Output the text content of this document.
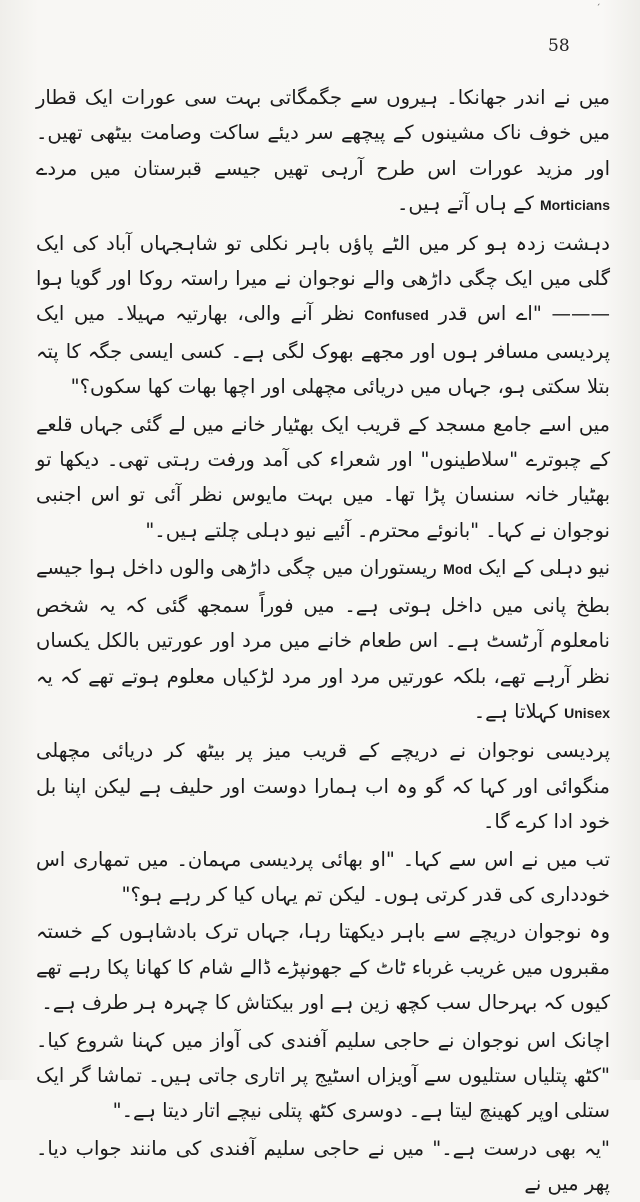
ˊ
58

میں نے اندر جھانکا۔ ہیروں سے جگمگاتی بہت سی عورات ایک قطار میں خوف ناک مشینوں کے پیچھے سر دیئے ساکت وصامت بیٹھی تھیں۔ اور مزید عورات اس طرح آرہی تھیں جیسے قبرستان میں مردے Morticians کے ہاں آتے ہیں۔

دہشت زدہ ہو کر میں الٹے پاؤں باہر نکلی تو شاہجہاں آباد کی ایک گلی میں ایک چگی داڑھی والے نوجوان نے میرا راستہ روکا اور گویا ہوا ——— "اے اس قدر Confused نظر آنے والی، بھارتیہ مہیلا۔ میں ایک پردیسی مسافر ہوں اور مجھے بھوک لگی ہے۔ کسی ایسی جگہ کا پتہ بتلا سکتی ہو، جہاں میں دریائی مچھلی اور اچھا بھات کھا سکوں؟"

میں اسے جامع مسجد کے قریب ایک بھٹیار خانے میں لے گئی جہاں قلعے کے چبوترے "سلاطینوں" اور شعراء کی آمد ورفت رہتی تھی۔ دیکھا تو بھٹیار خانہ سنسان پڑا تھا۔ میں بہت مایوس نظر آئی تو اس اجنبی نوجوان نے کہا۔ "بانوئے محترم۔ آئیے نیو دہلی چلتے ہیں۔"

نیو دہلی کے ایک Mod ریستوران میں چگی داڑھی والوں داخل ہوا جیسے بطخ پانی میں داخل ہوتی ہے۔ میں فوراً سمجھ گئی کہ یہ شخص نامعلوم آرٹسٹ ہے۔ اس طعام خانے میں مرد اور عورتیں بالکل یکساں نظر آرہے تھے، بلکہ عورتیں مرد اور مرد لڑکیاں معلوم ہوتے تھے کہ یہ Unisex کہلاتا ہے۔

پردیسی نوجوان نے دریچے کے قریب میز پر بیٹھ کر دریائی مچھلی منگوائی اور کہا کہ گو وہ اب ہمارا دوست اور حلیف ہے لیکن اپنا بل خود ادا کرے گا۔

تب میں نے اس سے کہا۔ "او بھائی پردیسی مہمان۔ میں تمھاری اس خودداری کی قدر کرتی ہوں۔ لیکن تم یہاں کیا کر رہے ہو؟"

وہ نوجوان دریچے سے باہر دیکھتا رہا، جہاں ترک بادشاہوں کے خستہ مقبروں میں غریب غرباء ٹاٹ کے جھونپڑے ڈالے شام کا کھانا پکا رہے تھے کیوں کہ بہرحال سب کچھ زین ہے اور بیکتاش کا چہرہ ہر طرف ہے۔

اچانک اس نوجوان نے حاجی سلیم آفندی کی آواز میں کہنا شروع کیا۔ "کٹھ پتلیاں ستلیوں سے آویزاں اسٹیج پر اتاری جاتی ہیں۔ تماشا گر ایک ستلی اوپر کھینچ لیتا ہے۔ دوسری کٹھ پتلی نیچے اتار دیتا ہے۔"

"یہ بھی درست ہے۔" میں نے حاجی سلیم آفندی کی مانند جواب دیا۔ پھر میں نے
